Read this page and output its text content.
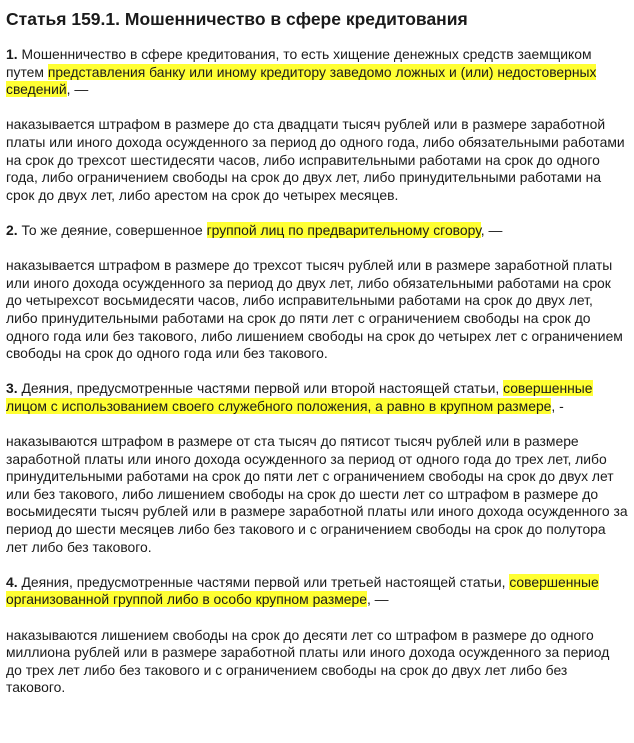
Статья 159.1. Мошенничество в сфере кредитования
1. Мошенничество в сфере кредитования, то есть хищение денежных средств заемщиком путем представления банку или иному кредитору заведомо ложных и (или) недостоверных сведений, —
наказывается штрафом в размере до ста двадцати тысяч рублей или в размере заработной платы или иного дохода осужденного за период до одного года, либо обязательными работами на срок до трехсот шестидесяти часов, либо исправительными работами на срок до одного года, либо ограничением свободы на срок до двух лет, либо принудительными работами на срок до двух лет, либо арестом на срок до четырех месяцев.
2. То же деяние, совершенное группой лиц по предварительному сговору, —
наказывается штрафом в размере до трехсот тысяч рублей или в размере заработной платы или иного дохода осужденного за период до двух лет, либо обязательными работами на срок до четырехсот восьмидесяти часов, либо исправительными работами на срок до двух лет, либо принудительными работами на срок до пяти лет с ограничением свободы на срок до одного года или без такового, либо лишением свободы на срок до четырех лет с ограничением свободы на срок до одного года или без такового.
3. Деяния, предусмотренные частями первой или второй настоящей статьи, совершенные лицом с использованием своего служебного положения, а равно в крупном размере, -
наказываются штрафом в размере от ста тысяч до пятисот тысяч рублей или в размере заработной платы или иного дохода осужденного за период от одного года до трех лет, либо принудительными работами на срок до пяти лет с ограничением свободы на срок до двух лет или без такового, либо лишением свободы на срок до шести лет со штрафом в размере до восьмидесяти тысяч рублей или в размере заработной платы или иного дохода осужденного за период до шести месяцев либо без такового и с ограничением свободы на срок до полутора лет либо без такового.
4. Деяния, предусмотренные частями первой или третьей настоящей статьи, совершенные организованной группой либо в особо крупном размере, —
наказываются лишением свободы на срок до десяти лет со штрафом в размере до одного миллиона рублей или в размере заработной платы или иного дохода осужденного за период до трех лет либо без такового и с ограничением свободы на срок до двух лет либо без такового.
